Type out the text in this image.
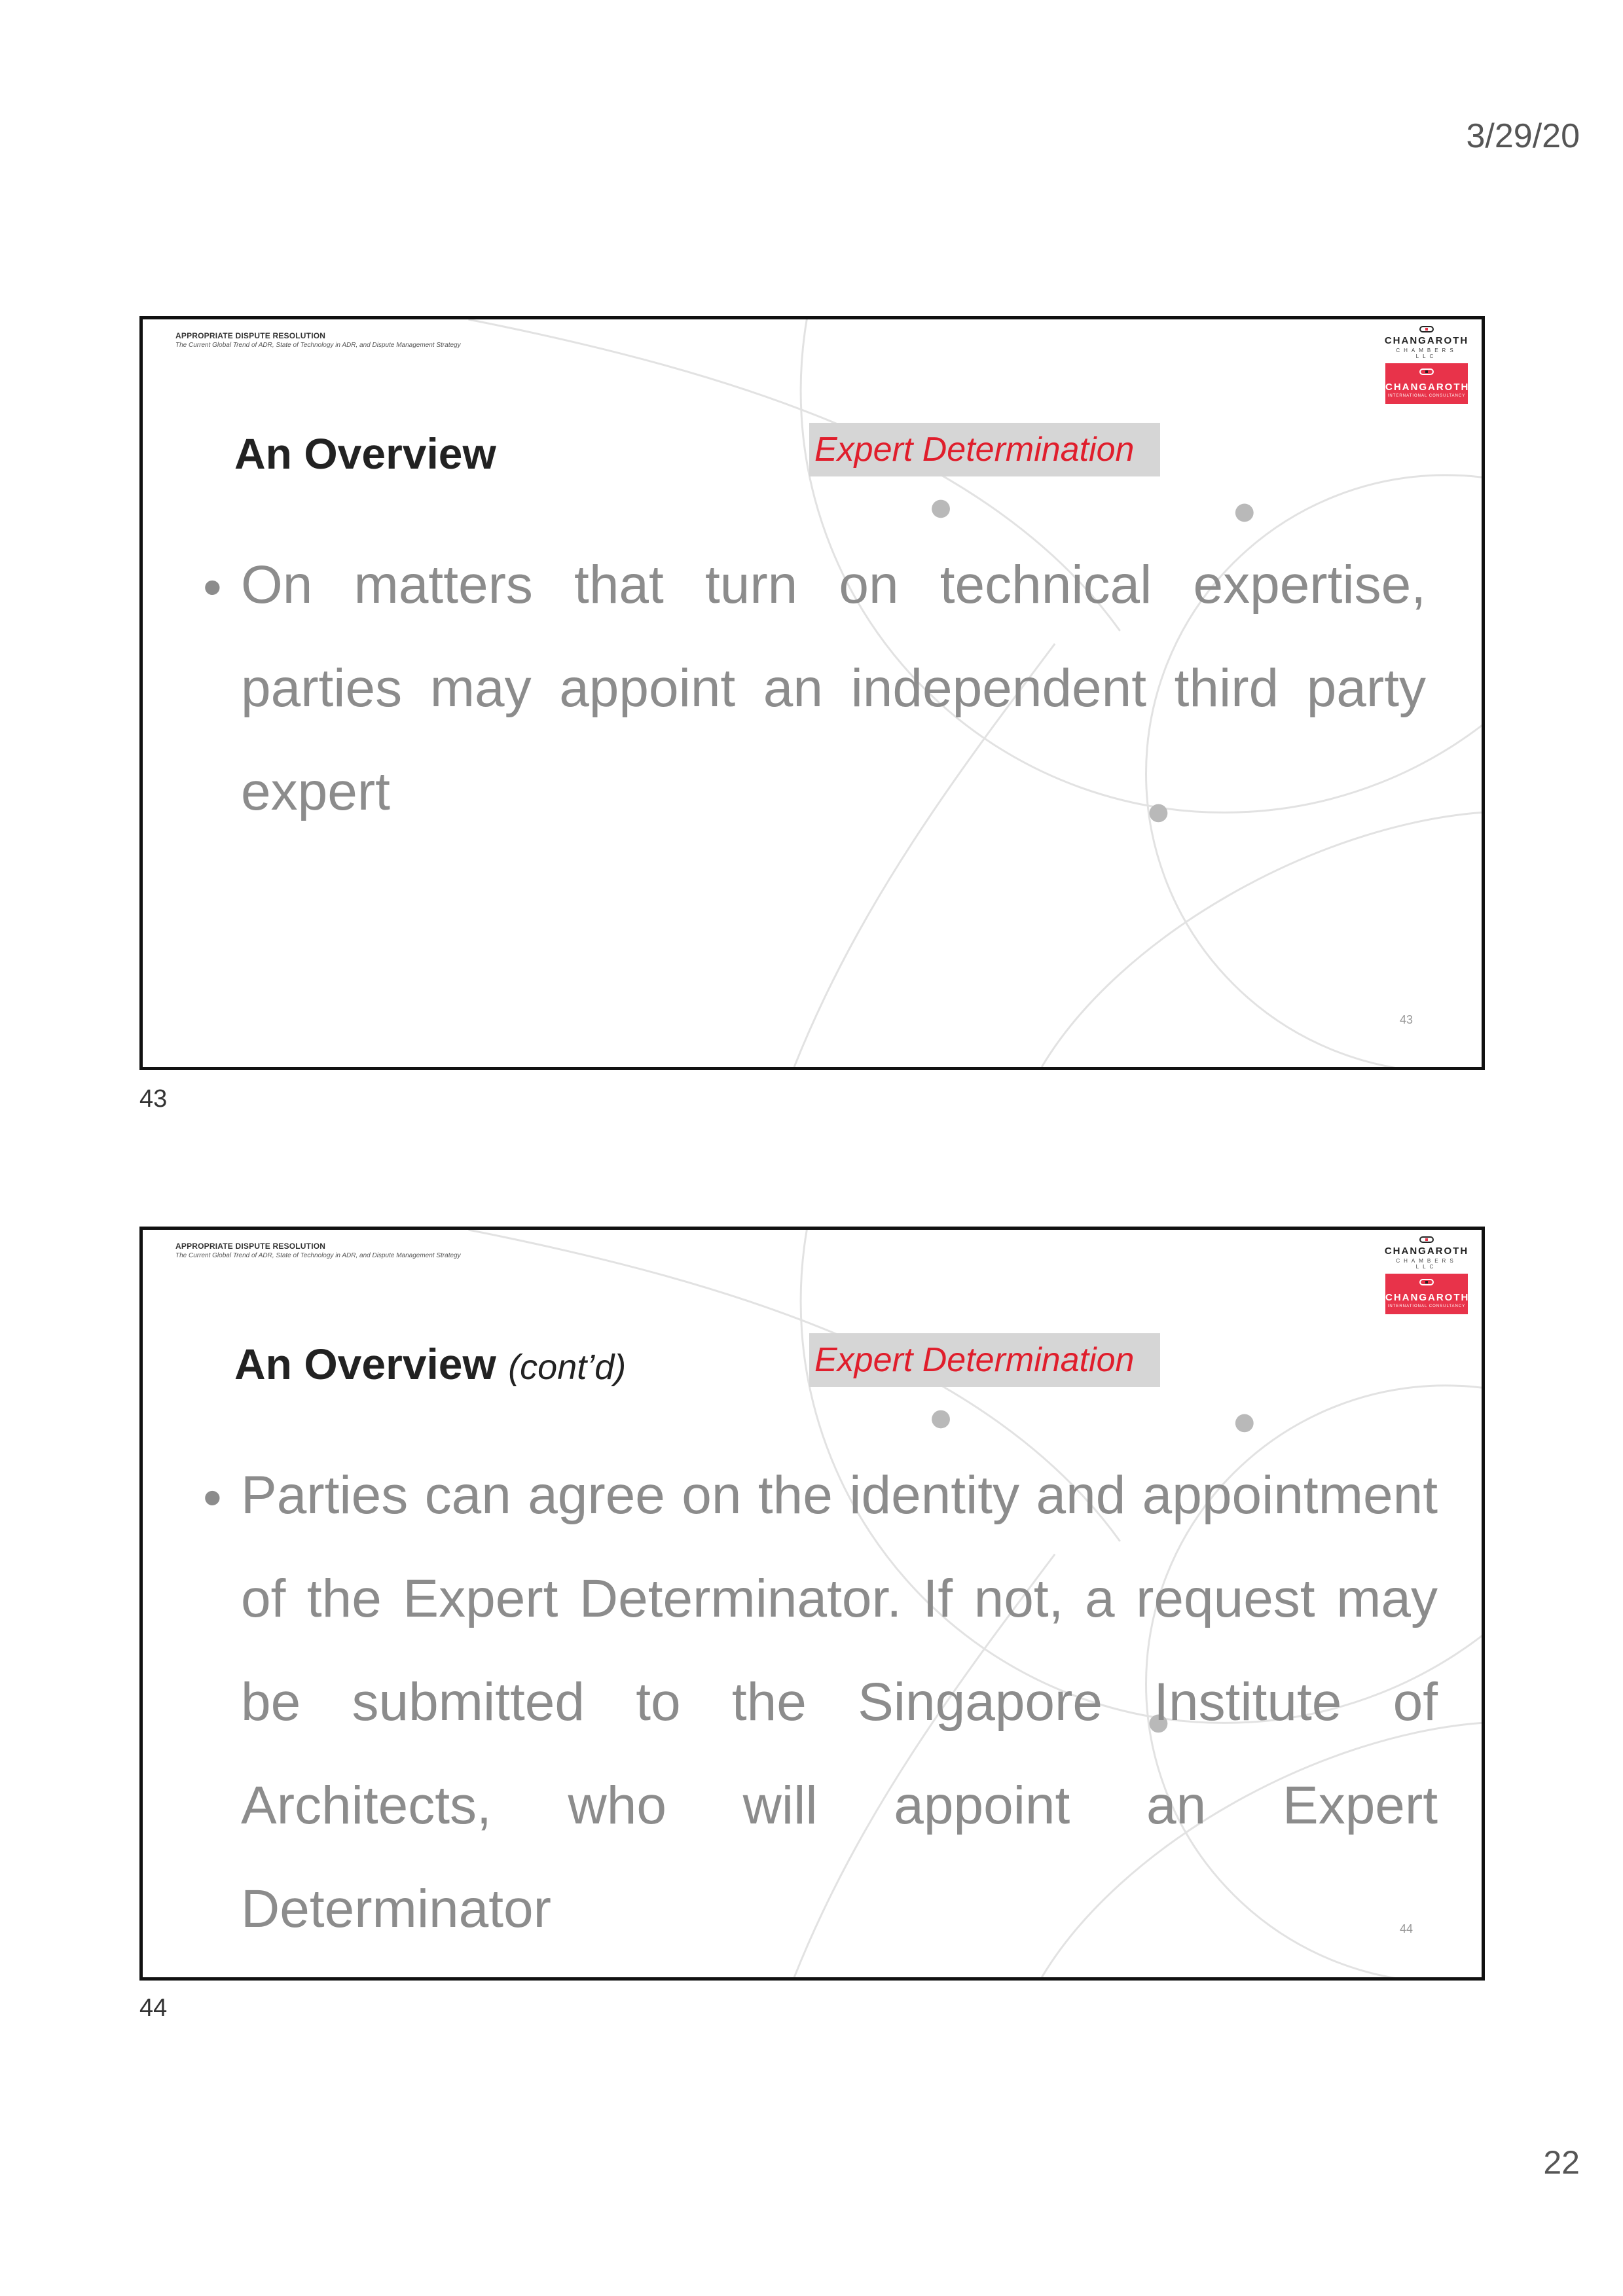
3/29/20
APPROPRIATE DISPUTE RESOLUTION
The Current Global Trend of ADR, State of Technology in ADR, and Dispute Management Strategy	CHANGAROTH
CHAMBERS LLC
CHANGAROTH
INTERNATIONAL CONSULTANCY
An Overview	Expert Determination
• On matters that turn on technical expertise, parties may appoint an independent third party expert
43
43
APPROPRIATE DISPUTE RESOLUTION
The Current Global Trend of ADR, State of Technology in ADR, and Dispute Management Strategy	CHANGAROTH
CHAMBERS LLC
CHANGAROTH
INTERNATIONAL CONSULTANCY
An Overview (cont’d)	Expert Determination
• Parties can agree on the identity and appointment of the Expert Determinator. If not, a request may be submitted to the Singapore Institute of Architects, who will appoint an Expert Determinator	44
44
22
